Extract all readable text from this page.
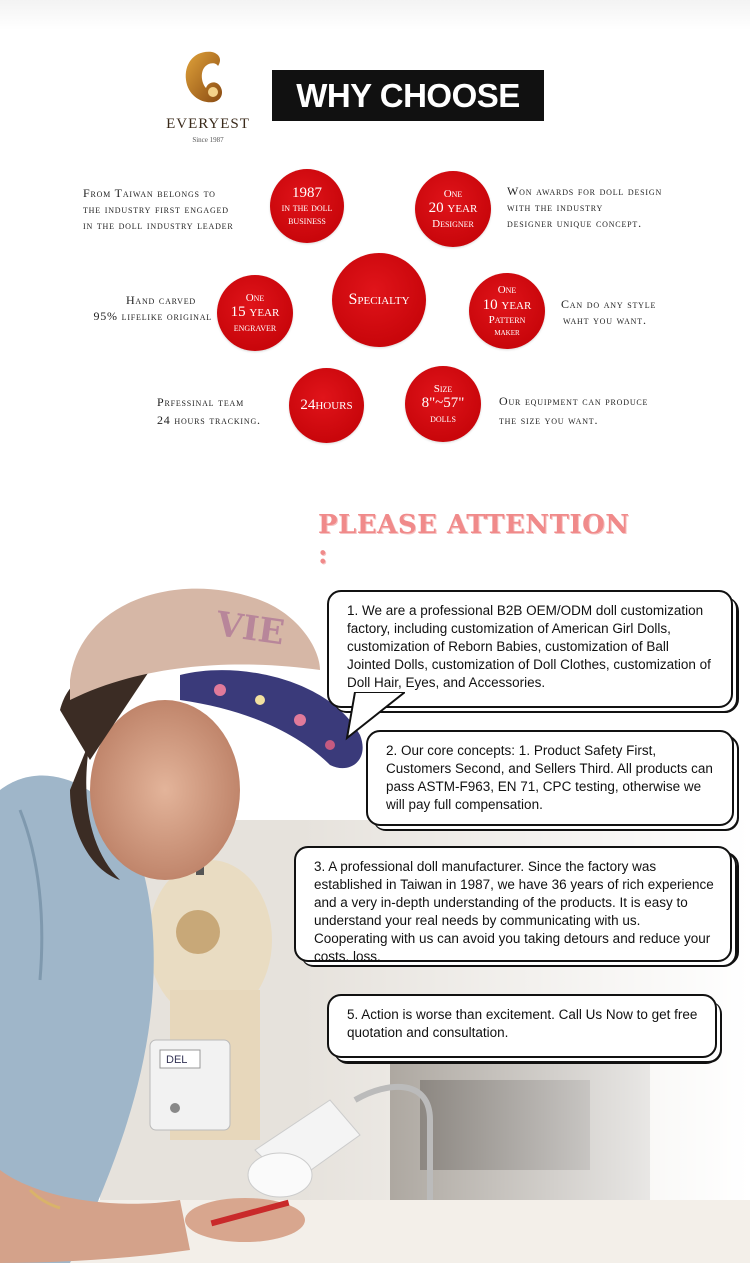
EVERYEST
Since 1987
WHY CHOOSE US
1987
in the doll
business
One
20 year
Designer
Specialty
One
15 year
engraver
One
10 year
Pattern
maker
24hours
Size
8"~57"
dolls
From Taiwan belongs to
the industry first engaged
in the doll industry leader
Won awards for doll design
with the industry
designer unique concept.
Hand carved
95% lifelike original
Can do any style
waht you want.
Prfessinal team
24 hours tracking.
Our equipment can produce
the size you want.
PLEASE ATTENTION :
DEL
VIE	1. We are a professional B2B OEM/ODM doll customization factory, including customization of American Girl Dolls, customization of Reborn Babies, customization of Ball Jointed Dolls, customization of Doll Clothes, customization of Doll Hair, Eyes, and Accessories.
2. Our core concepts: 1. Product Safety First, Customers Second, and Sellers Third. All products can pass ASTM-F963, EN 71, CPC testing, otherwise we will pay full compensation.
3. A professional doll manufacturer. Since the factory was established in Taiwan in 1987, we have 36 years of rich experience and a very in-depth understanding of the products. It is easy to understand your real needs by communicating with us. Cooperating with us can avoid you taking detours and reduce your costs. loss.
5. Action is worse than excitement. Call Us Now to get free quotation and consultation.
